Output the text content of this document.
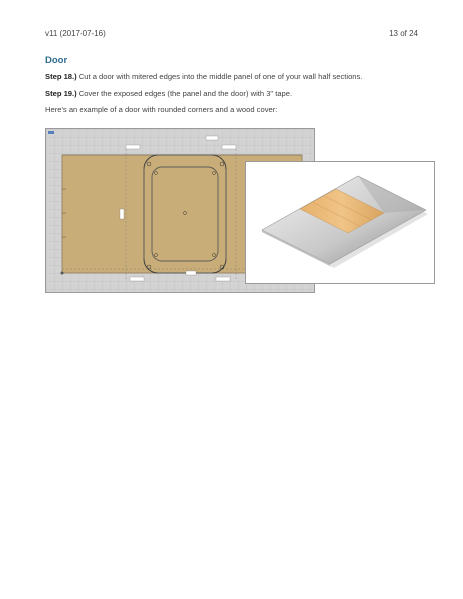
v11 (2017-07-16)	13 of 24
Door
Step 18.) Cut a door with mitered edges into the middle panel of one of your wall half sections.
Step 19.) Cover the exposed edges (the panel and the door) with 3" tape.
Here's an example of a door with rounded corners and a wood cover:
